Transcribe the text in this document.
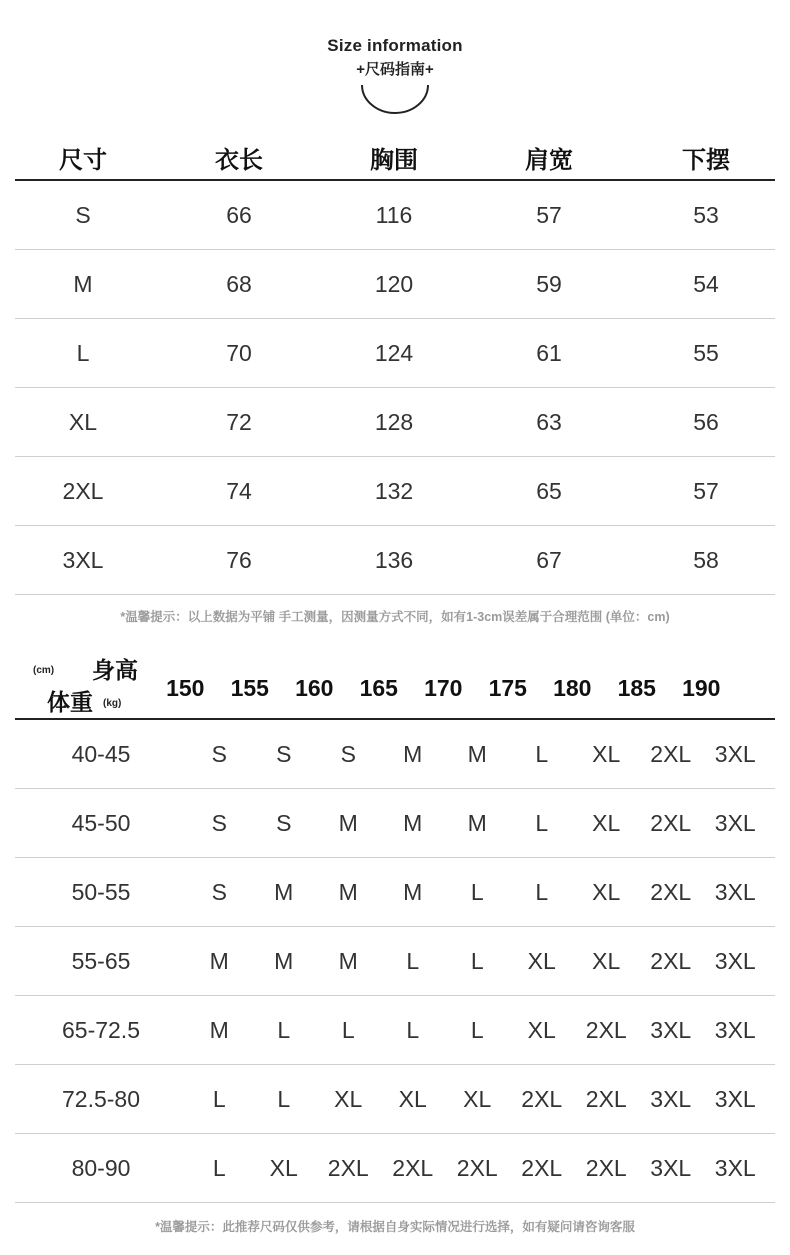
Size information
+尺码指南+
尺寸	衣长	胸围	肩宽	下摆
S	66	116	57	53
M	68	120	59	54
L	70	124	61	55
XL	72	128	63	56
2XL	74	132	65	57
3XL	76	136	67	58
*温馨提示：以上数据为平铺 手工测量，因测量方式不同，如有1-3cm误差属于合理范围 (单位：cm)
(cm) 身高
体重 (kg)
150	155	160	165	170	175	180	185	190
40-45	S	S	S	M	M	L	XL	2XL	3XL
45-50	S	S	M	M	M	L	XL	2XL	3XL
50-55	S	M	M	M	L	L	XL	2XL	3XL
55-65	M	M	M	L	L	XL	XL	2XL	3XL
65-72.5	M	L	L	L	L	XL	2XL	3XL	3XL
72.5-80	L	L	XL	XL	XL	2XL	2XL	3XL	3XL
80-90	L	XL	2XL	2XL	2XL	2XL	2XL	3XL	3XL
*温馨提示：此推荐尺码仅供参考，请根据自身实际情况进行选择，如有疑问请咨询客服
